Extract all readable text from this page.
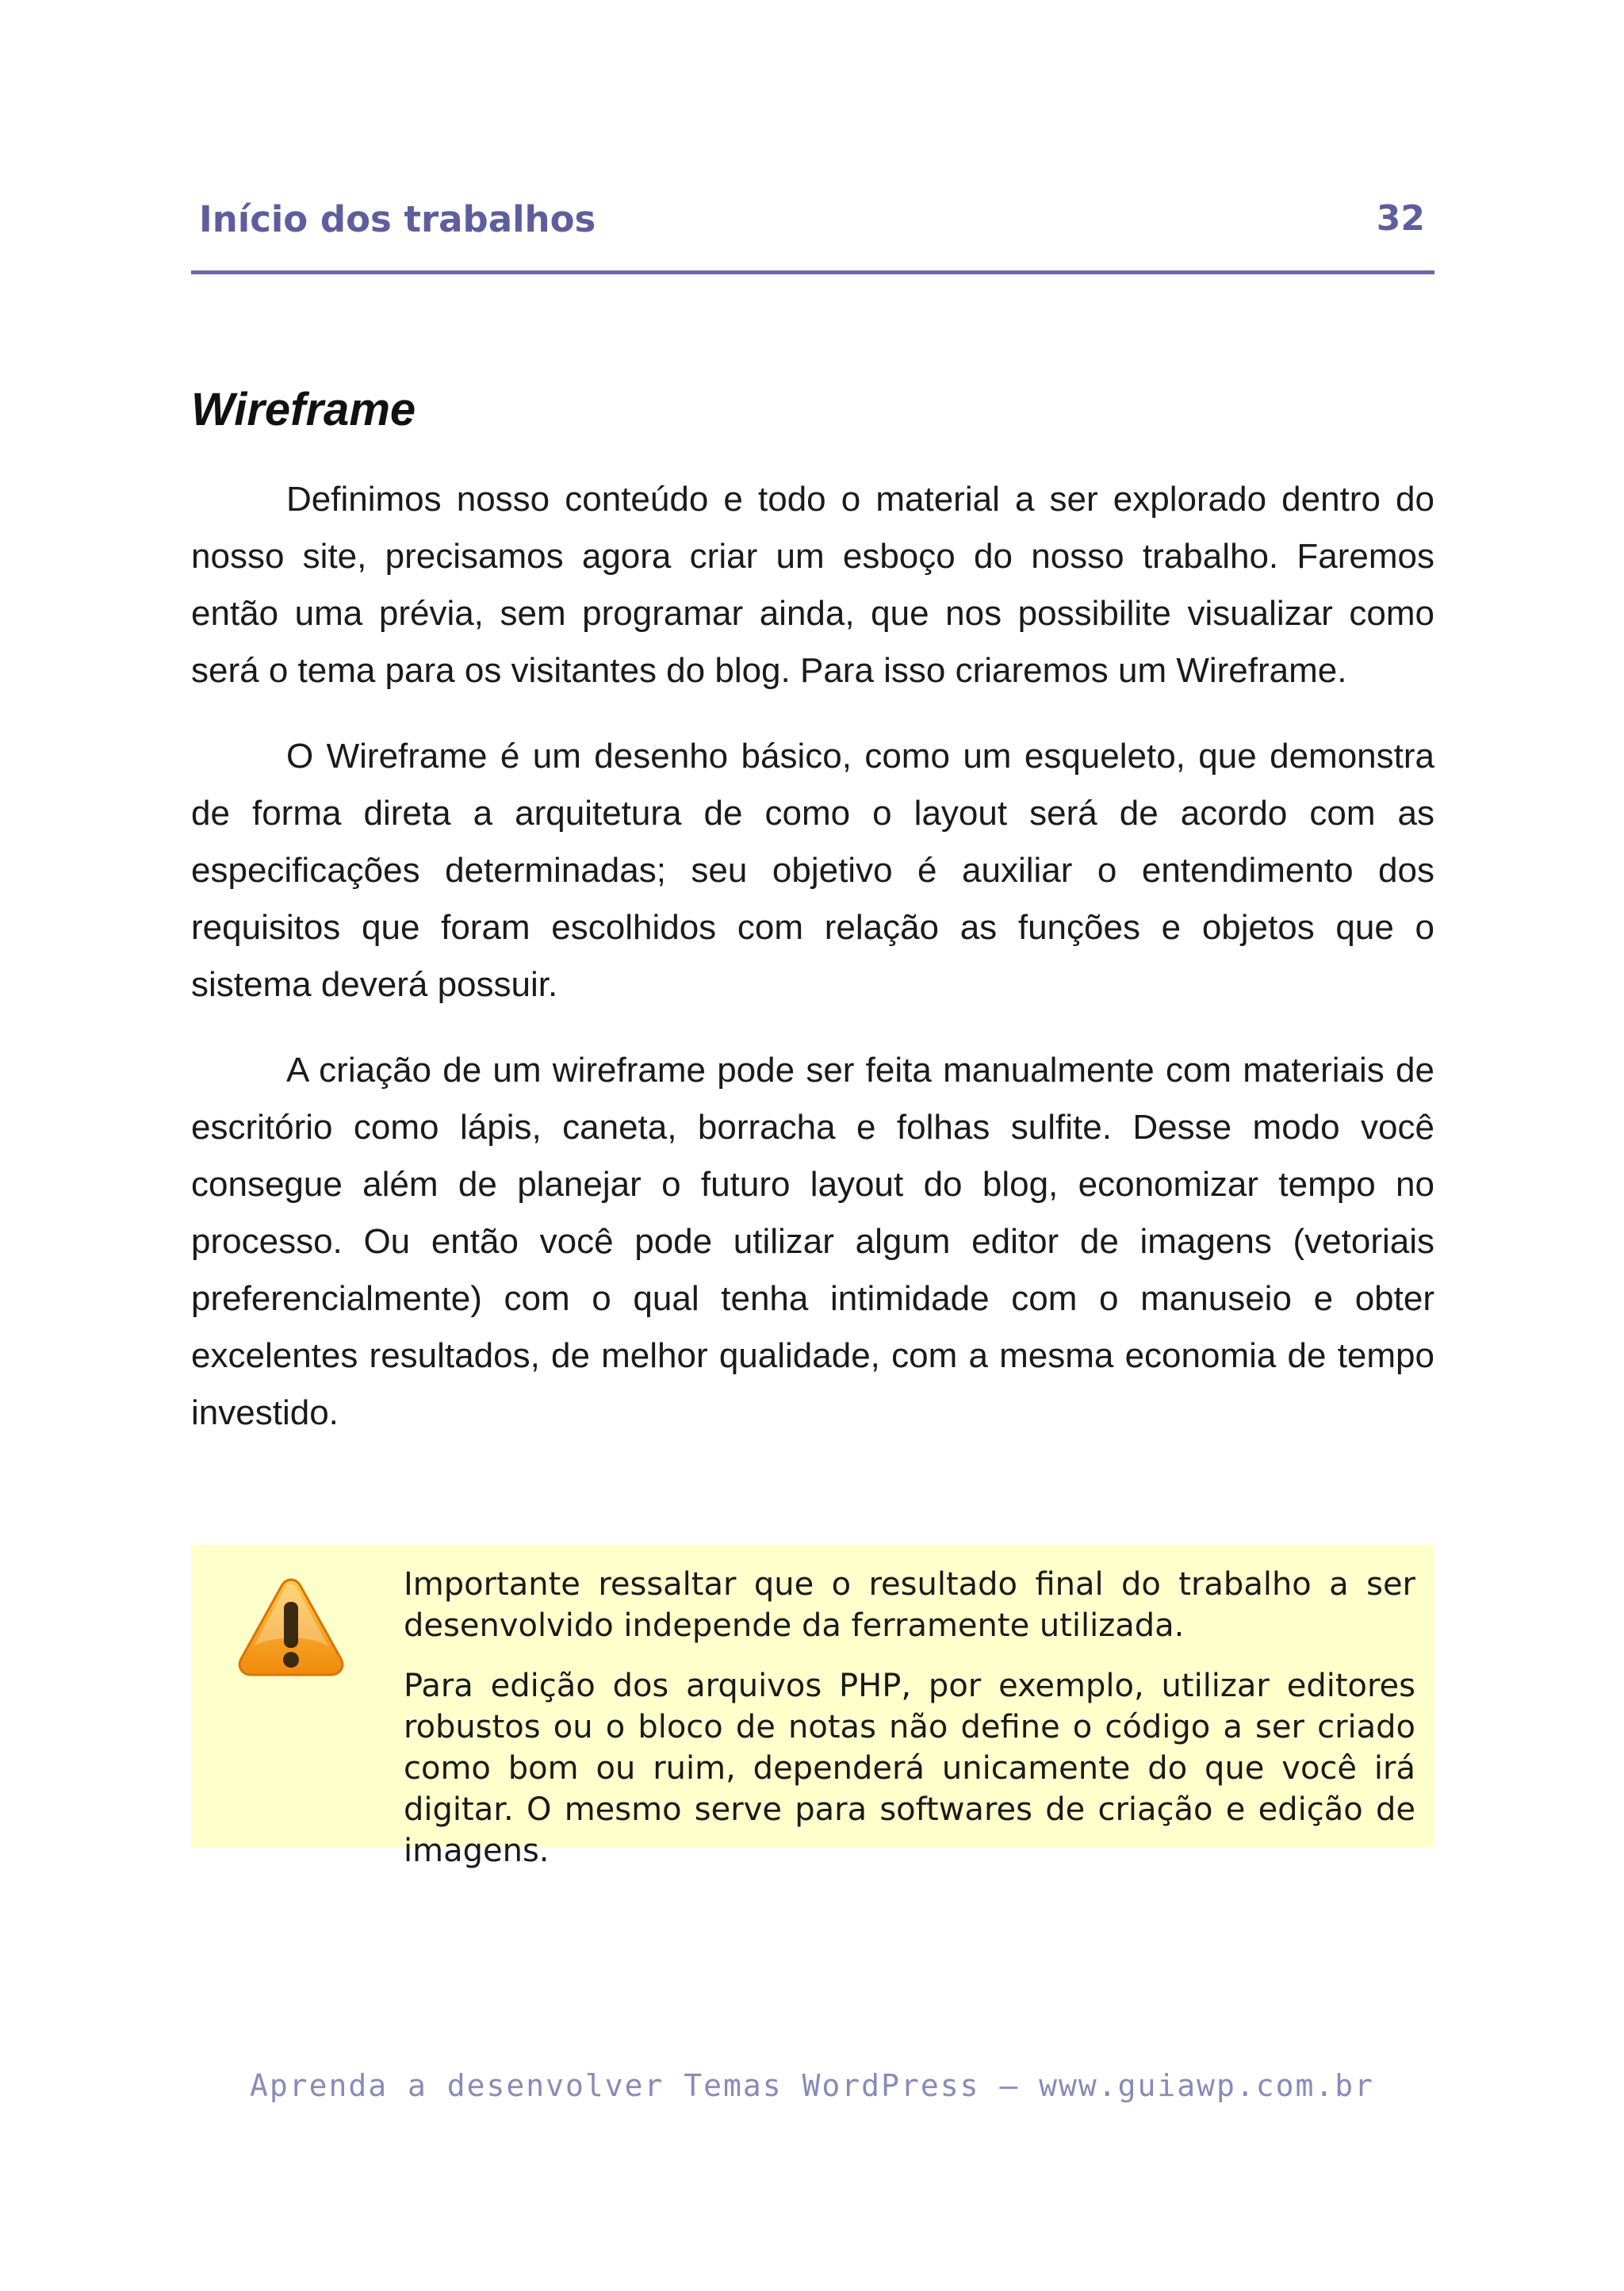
Início dos trabalhos	32
Wireframe

Definimos nosso conteúdo e todo o material a ser explorado dentro do nosso site, precisamos agora criar um esboço do nosso trabalho. Faremos então uma prévia, sem programar ainda, que nos possibilite visualizar como será o tema para os visitantes do blog. Para isso criaremos um Wireframe.

O Wireframe é um desenho básico, como um esqueleto, que demonstra de forma direta a arquitetura de como o layout será de acordo com as especificações determinadas; seu objetivo é auxiliar o entendimento dos requisitos que foram escolhidos com relação as funções e objetos que o sistema deverá possuir.

A criação de um wireframe pode ser feita manualmente com materiais de escritório como lápis, caneta, borracha e folhas sulfite. Desse modo você consegue além de planejar o futuro layout do blog, economizar tempo no processo. Ou então você pode utilizar algum editor de imagens (vetoriais preferencialmente) com o qual tenha intimidade com o manuseio e obter excelentes resultados, de melhor qualidade, com a mesma economia de tempo investido.

Importante ressaltar que o resultado final do trabalho a ser desenvolvido independe da ferramente utilizada.

Para edição dos arquivos PHP, por exemplo, utilizar editores robustos ou o bloco de notas não define o código a ser criado como bom ou ruim, dependerá unicamente do que você irá digitar. O mesmo serve para softwares de criação e edição de imagens.

Aprenda a desenvolver Temas WordPress – www.guiawp.com.br
